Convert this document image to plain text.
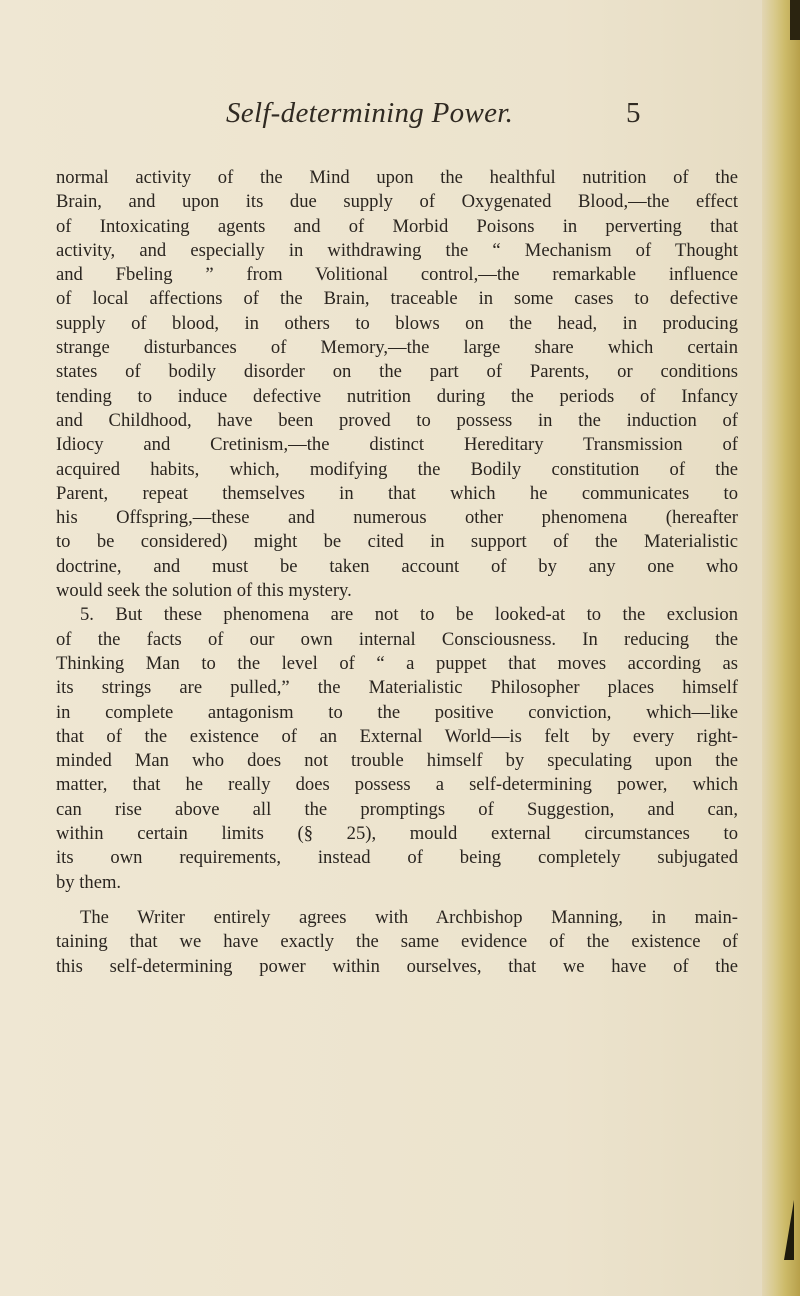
Self-determining Power.	5
normal activity of the Mind upon the healthful nutrition of the
Brain, and upon its due supply of Oxygenated Blood,—the effect
of Intoxicating agents and of Morbid Poisons in perverting that
activity, and especially in withdrawing the “ Mechanism of Thought
and Fbeling ” from Volitional control,—the remarkable influence
of local affections of the Brain, traceable in some cases to defective
supply of blood, in others to blows on the head, in producing
strange disturbances of Memory,—the large share which certain
states of bodily disorder on the part of Parents, or conditions
tending to induce defective nutrition during the periods of Infancy
and Childhood, have been proved to possess in the induction of
Idiocy and Cretinism,—the distinct Hereditary Transmission of
acquired habits, which, modifying the Bodily constitution of the
Parent, repeat themselves in that which he communicates to
his Offspring,—these and numerous other phenomena (hereafter
to be considered) might be cited in support of the Materialistic
doctrine, and must be taken account of by any one who
would seek the solution of this mystery.
5. But these phenomena are not to be looked-at to the exclusion
of the facts of our own internal Consciousness. In reducing the
Thinking Man to the level of “ a puppet that moves according as
its strings are pulled,” the Materialistic Philosopher places himself
in complete antagonism to the positive conviction, which—like
that of the existence of an External World—is felt by every right-
minded Man who does not trouble himself by speculating upon the
matter, that he really does possess a self-determining power, which
can rise above all the promptings of Suggestion, and can,
within certain limits (§ 25), mould external circumstances to
its own requirements, instead of being completely subjugated
by them.
The Writer entirely agrees with Archbishop Manning, in main-
taining that we have exactly the same evidence of the existence of
this self-determining power within ourselves, that we have of the
